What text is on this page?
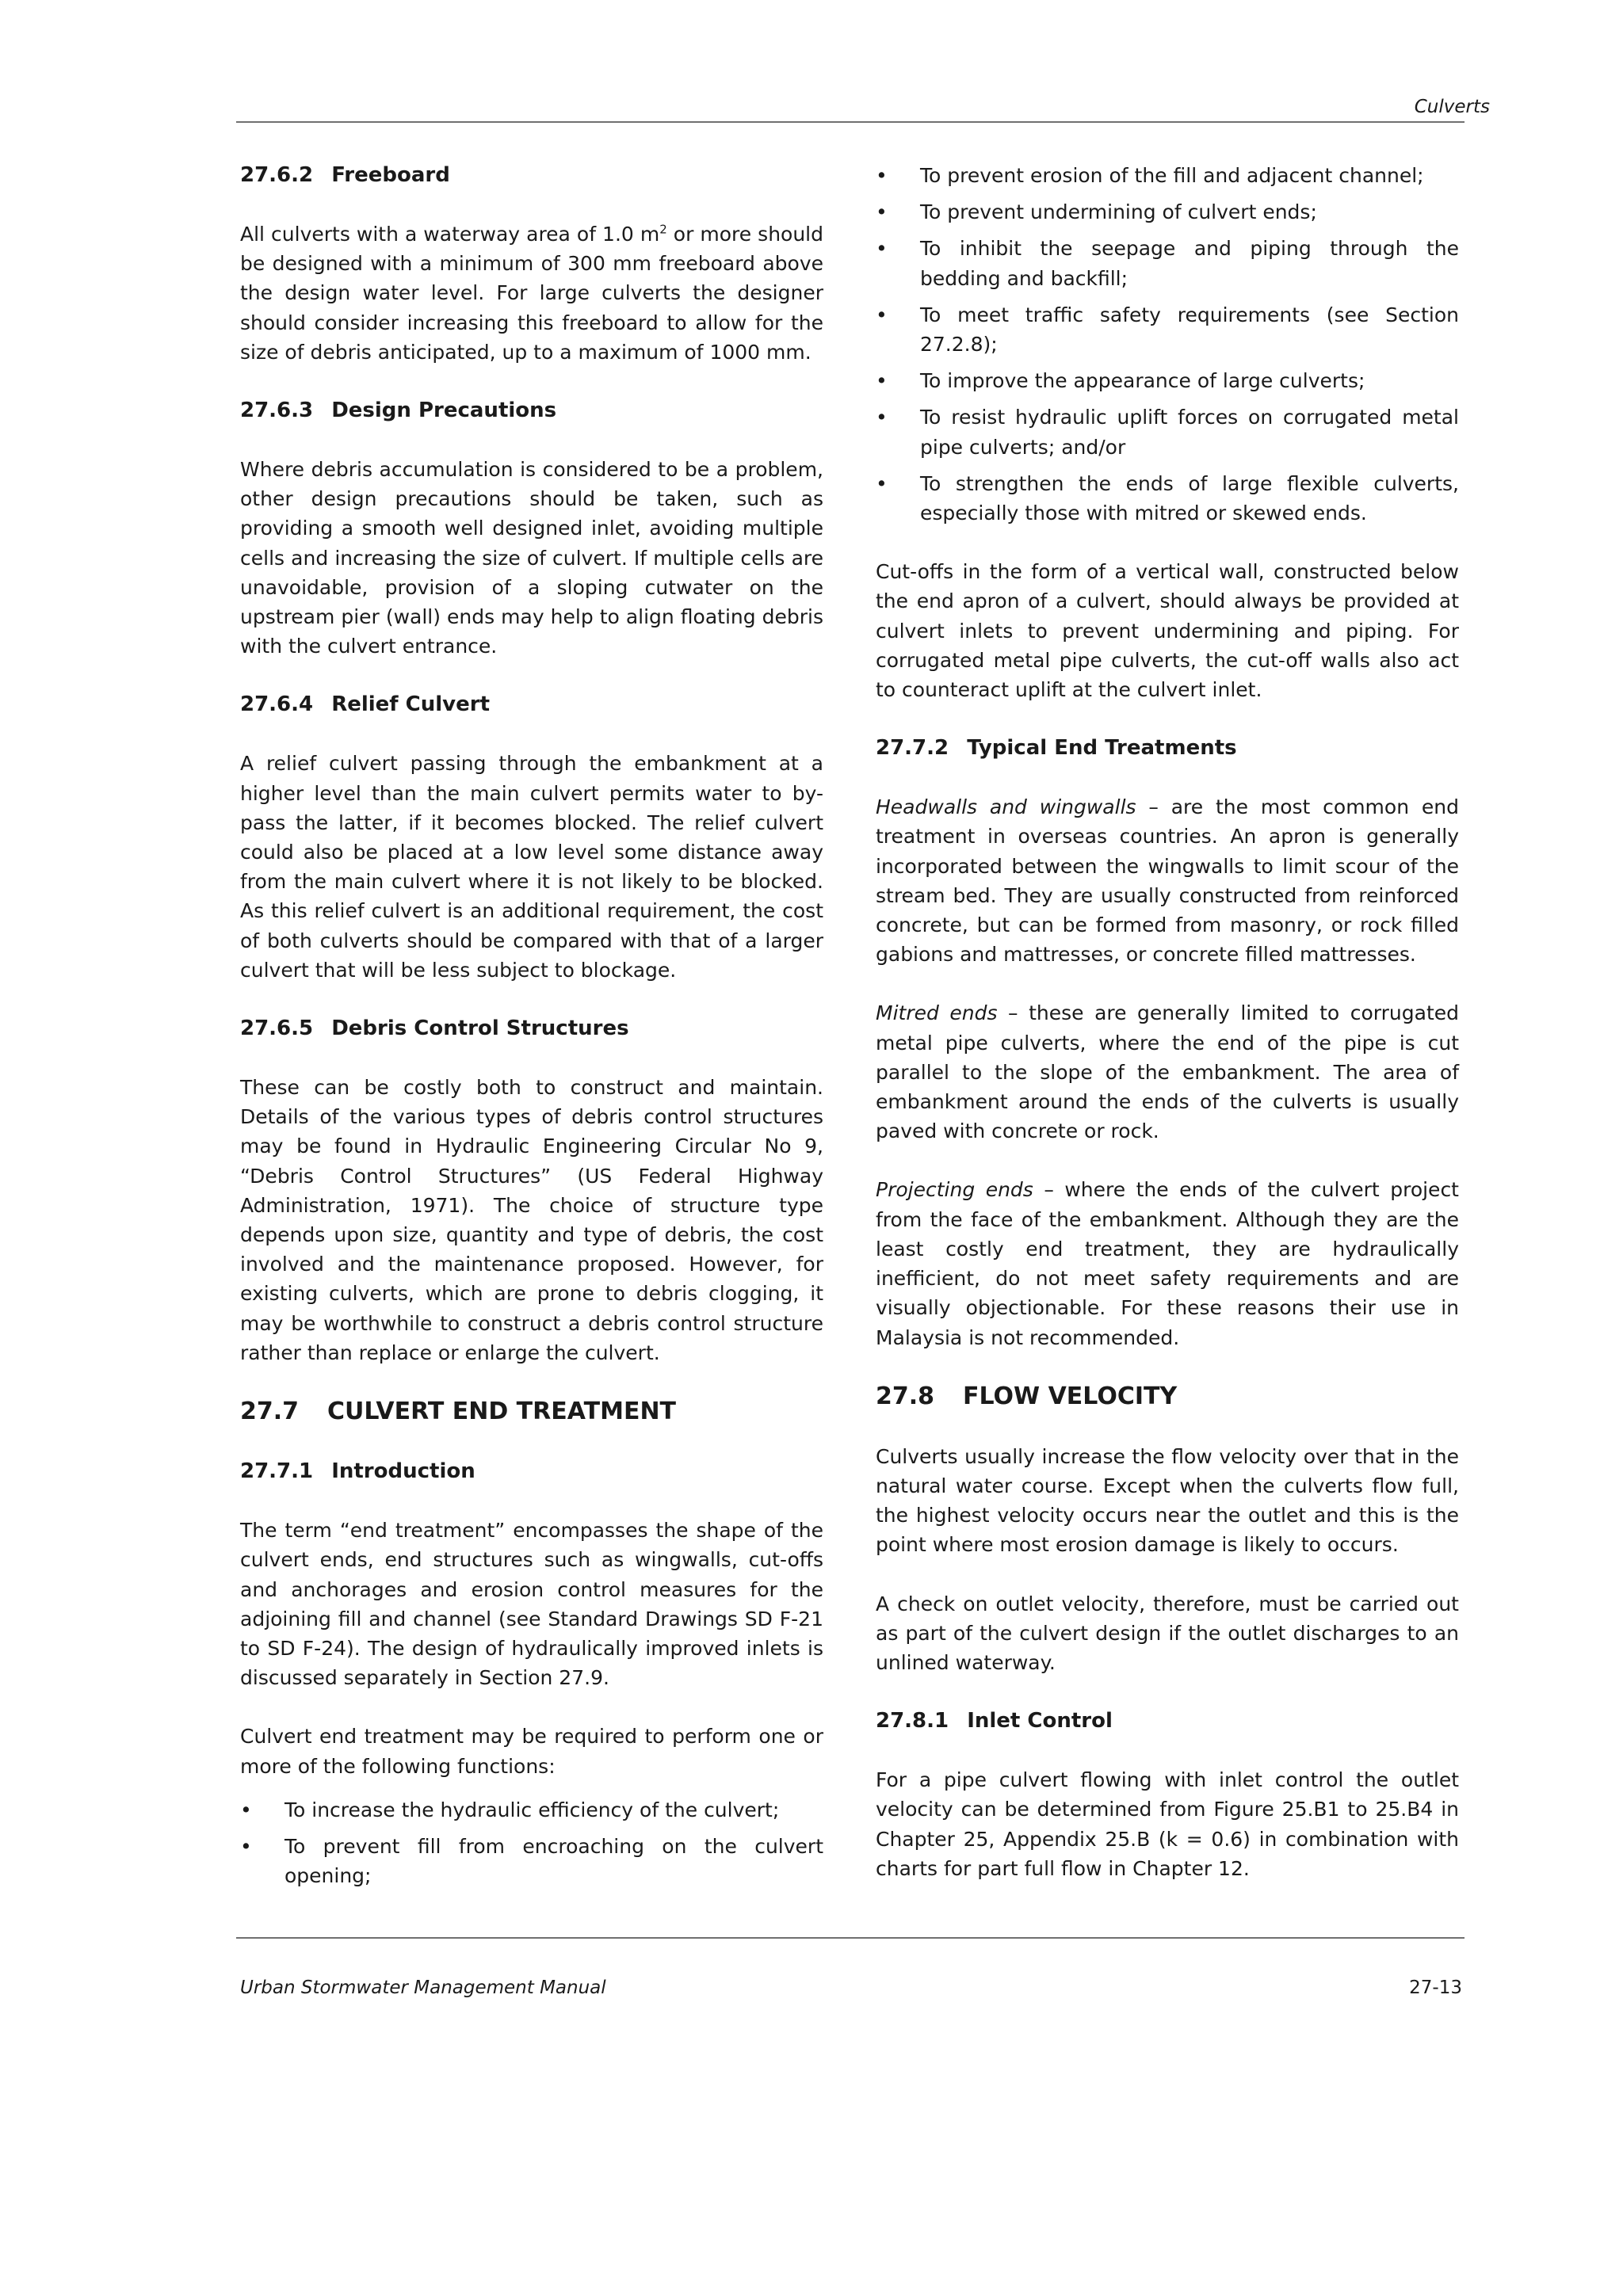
Culverts
27.6.2 Freeboard

All culverts with a waterway area of 1.0 $m^2$ or more should be designed with a minimum of 300 mm freeboard above the design water level. For large culverts the designer should consider increasing this freeboard to allow for the size of debris anticipated, up to a maximum of 1000 mm.

27.6.3 Design Precautions

Where debris accumulation is considered to be a problem, other design precautions should be taken, such as providing a smooth well designed inlet, avoiding multiple cells and increasing the size of culvert. If multiple cells are unavoidable, provision of a sloping cutwater on the upstream pier (wall) ends may help to align floating debris with the culvert entrance.

27.6.4 Relief Culvert

A relief culvert passing through the embankment at a higher level than the main culvert permits water to by-pass the latter, if it becomes blocked. The relief culvert could also be placed at a low level some distance away from the main culvert where it is not likely to be blocked. As this relief culvert is an additional requirement, the cost of both culverts should be compared with that of a larger culvert that will be less subject to blockage.

27.6.5 Debris Control Structures

These can be costly both to construct and maintain. Details of the various types of debris control structures may be found in Hydraulic Engineering Circular No 9, “Debris Control Structures” (US Federal Highway Administration, 1971). The choice of structure type depends upon size, quantity and type of debris, the cost involved and the maintenance proposed. However, for existing culverts, which are prone to debris clogging, it may be worthwhile to construct a debris control structure rather than replace or enlarge the culvert.

27.7 CULVERT END TREATMENT
27.7.1 Introduction

The term “end treatment” encompasses the shape of the culvert ends, end structures such as wingwalls, cut-offs and anchorages and erosion control measures for the adjoining fill and channel (see Standard Drawings SD F-21 to SD F-24). The design of hydraulically improved inlets is discussed separately in Section 27.9.

Culvert end treatment may be required to perform one or more of the following functions:

• To increase the hydraulic efficiency of the culvert;
• To prevent fill from encroaching on the culvert opening;
• To prevent erosion of the fill and adjacent channel;
• To prevent undermining of culvert ends;
• To inhibit the seepage and piping through the bedding and backfill;
• To meet traffic safety requirements (see Section 27.2.8);
• To improve the appearance of large culverts;
• To resist hydraulic uplift forces on corrugated metal pipe culverts; and/or
• To strengthen the ends of large flexible culverts, especially those with mitred or skewed ends.

Cut-offs in the form of a vertical wall, constructed below the end apron of a culvert, should always be provided at culvert inlets to prevent undermining and piping. For corrugated metal pipe culverts, the cut-off walls also act to counteract uplift at the culvert inlet.

27.7.2 Typical End Treatments

Headwalls and wingwalls – are the most common end treatment in overseas countries. An apron is generally incorporated between the wingwalls to limit scour of the stream bed. They are usually constructed from reinforced concrete, but can be formed from masonry, or rock filled gabions and mattresses, or concrete filled mattresses.

Mitred ends – these are generally limited to corrugated metal pipe culverts, where the end of the pipe is cut parallel to the slope of the embankment. The area of embankment around the ends of the culverts is usually paved with concrete or rock.

Projecting ends – where the ends of the culvert project from the face of the embankment. Although they are the least costly end treatment, they are hydraulically inefficient, do not meet safety requirements and are visually objectionable. For these reasons their use in Malaysia is not recommended.

27.8 FLOW VELOCITY

Culverts usually increase the flow velocity over that in the natural water course. Except when the culverts flow full, the highest velocity occurs near the outlet and this is the point where most erosion damage is likely to occurs.

A check on outlet velocity, therefore, must be carried out as part of the culvert design if the outlet discharges to an unlined waterway.

27.8.1 Inlet Control

For a pipe culvert flowing with inlet control the outlet velocity can be determined from Figure 25.B1 to 25.B4 in Chapter 25, Appendix 25.B (k = 0.6) in combination with charts for part full flow in Chapter 12.

Urban Stormwater Management Manual	27-13
